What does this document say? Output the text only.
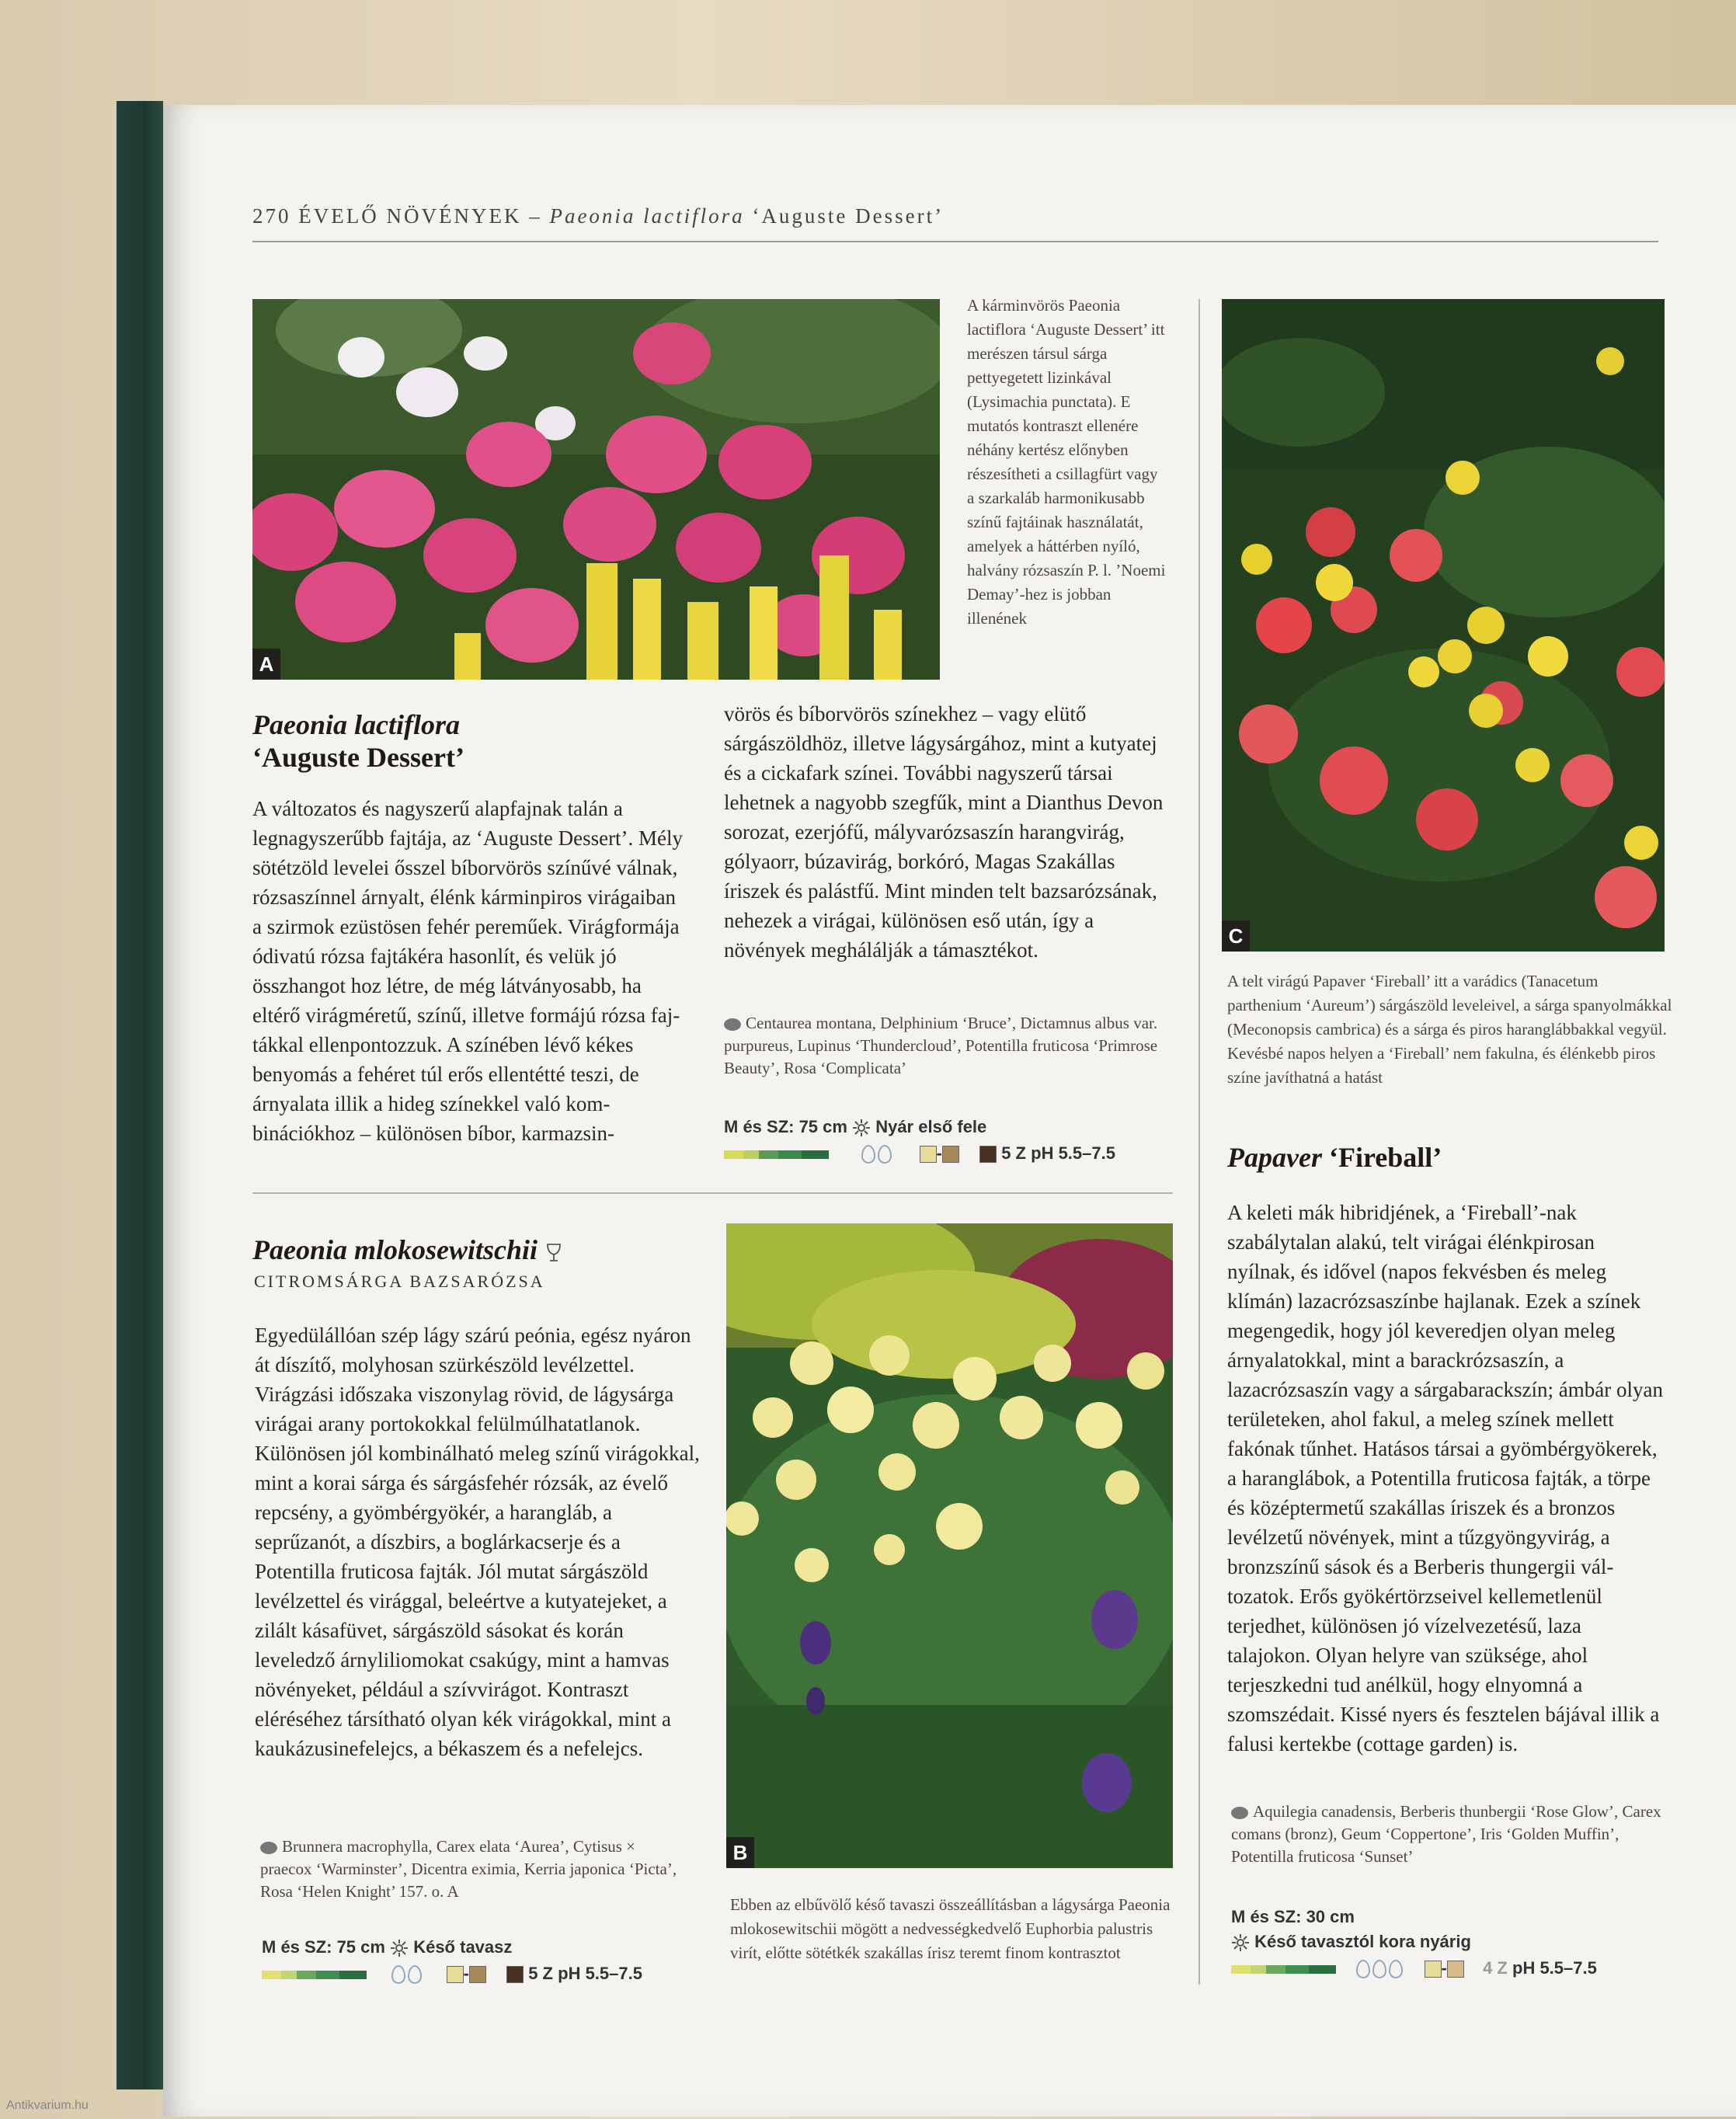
270 ÉVELŐ NÖVÉNYEK – Paeonia lactiflora ‘Auguste Dessert’
A
A kárminvörös Paeonia lactiflora ‘Auguste Dessert’ itt merészen társul sárga pettyegetett lizinkával (Lysimachia punctata). E mutatós kontraszt ellenére néhány kertész előnyben részesítheti a csillagfürt vagy a szarkaláb harmonikusabb színű fajtáinak használatát, amelyek a háttérben nyíló, halvány rózsaszín P. l. ’Noemi Demay’-hez is jobban illenének
C
A telt virágú Papaver ‘Fireball’ itt a varádics (Tanacetum parthenium ‘Aureum’) sárgászöld leveleivel, a sárga spanyolmákkal (Meconopsis cambrica) és a sárga és piros haranglábbakkal vegyül. Kevésbé napos helyen a ‘Fireball’ nem fakulna, és élénkebb piros színe javíthatná a hatást
Paeonia lactiflora
‘Auguste Dessert’
A változatos és nagyszerű alapfajnak talán a legnagyszerűbb fajtája, az ‘Auguste Dessert’. Mély sötétzöld levelei ősszel bíborvörös színűvé válnak, rózsaszínnel árnyalt, élénk kárminpiros virágaiban a szirmok ezüstösen fehér pereműek. Virágformája ódivatú rózsa fajtákéra hasonlít, és velük jó összhangot hoz létre, de még látványosabb, ha eltérő virágméretű, színű, illetve formájú rózsa fajtákkal ellenpontozzuk. A színében lévő kékes benyomás a fehéret túl erős ellentétté teszi, de árnyalata illik a hideg színekkel való kombinációkhoz – különösen bíbor, karmazsin-
vörös és bíborvörös színekhez – vagy elütő sárgászöldhöz, illetve lágysárgához, mint a kutyatej és a cickafark színei. További nagyszerű társai lehetnek a nagyobb szegfűk, mint a Dianthus Devon sorozat, ezerjófű, mályvarózsaszín harangvirág, gólyaorr, búzavirág, borkóró, Magas Szakállas íriszek és palástfű. Mint minden telt bazsarózsának, nehezek a virágai, különösen eső után, így a növények meghálálják a támasztékot.
Centaurea montana, Delphinium ‘Bruce’, Dictamnus albus var. purpureus, Lupinus ‘Thundercloud’, Potentilla fruticosa ‘Primrose Beauty’, Rosa ‘Complicata’
M és SZ: 75 cm Nyár első fele
-	5 Z pH 5.5–7.5
Paeonia mlokosewitschii
CITROMSÁRGA BAZSARÓZSA
Egyedülállóan szép lágy szárú peónia, egész nyáron át díszítő, molyhosan szürkészöld levélzettel. Virágzási időszaka viszonylag rövid, de lágysárga virágai arany portokokkal felülmúlhatatlanok. Különösen jól kombinálható meleg színű virágokkal, mint a korai sárga és sárgásfehér rózsák, az évelő repcsény, a gyömbérgyökér, a harangláb, a seprűzanót, a díszbirs, a boglárkacserje és a Potentilla fruticosa fajták. Jól mutat sárgászöld levélzettel és virággal, beleértve a kutyatejeket, a zilált kásafüvet, sárgászöld sásokat és korán leveledző árnyliliomokat csakúgy, mint a hamvas növényeket, például a szívvirágot. Kontraszt eléréséhez társítható olyan kék virágokkal, mint a kaukázusinefelejcs, a békaszem és a nefelejcs.
Brunnera macrophylla, Carex elata ‘Aurea’, Cytisus × praecox ‘Warminster’, Dicentra eximia, Kerria japonica ‘Picta’, Rosa ‘Helen Knight’ 157. o. A
M és SZ: 75 cm Késő tavasz
-	5 Z pH 5.5–7.5
B
Ebben az elbűvölő késő tavaszi összeállításban a lágysárga Paeonia mlokosewitschii mögött a nedvességkedvelő Euphorbia palustris virít, előtte sötétkék szakállas írisz teremt finom kontrasztot
Papaver ‘Fireball’
A keleti mák hibridjének, a ‘Fireball’-nak szabálytalan alakú, telt virágai élénkpirosan nyílnak, és idővel (napos fekvésben és meleg klímán) lazacrózsaszínbe hajlanak. Ezek a színek megengedik, hogy jól keveredjen olyan meleg árnyalatokkal, mint a barackrózsaszín, a lazacrózsaszín vagy a sárgabarackszín; ámbár olyan területeken, ahol fakul, a meleg színek mellett fakónak tűnhet. Hatásos társai a gyömbérgyökerek, a haranglábok, a Potentilla fruticosa fajták, a törpe és középtermetű szakállas íriszek és a bronzos levélzetű növények, mint a tűzgyöngyvirág, a bronzszínű sások és a Berberis thungergii változatok. Erős gyökértörzseivel kellemetlenül terjedhet, különösen jó vízelvezetésű, laza talajokon. Olyan helyre van szüksége, ahol terjeszkedni tud anélkül, hogy elnyomná a szomszédait. Kissé nyers és fesztelen bájával illik a falusi kertekbe (cottage garden) is.
Aquilegia canadensis, Berberis thunbergii ‘Rose Glow’, Carex comans (bronz), Geum ‘Coppertone’, Iris ‘Golden Muffin’, Potentilla fruticosa ‘Sunset’
M és SZ: 30 cm
Késő tavasztól kora nyárig
- 4 Z pH 5.5–7.5
Antikvarium.hu
